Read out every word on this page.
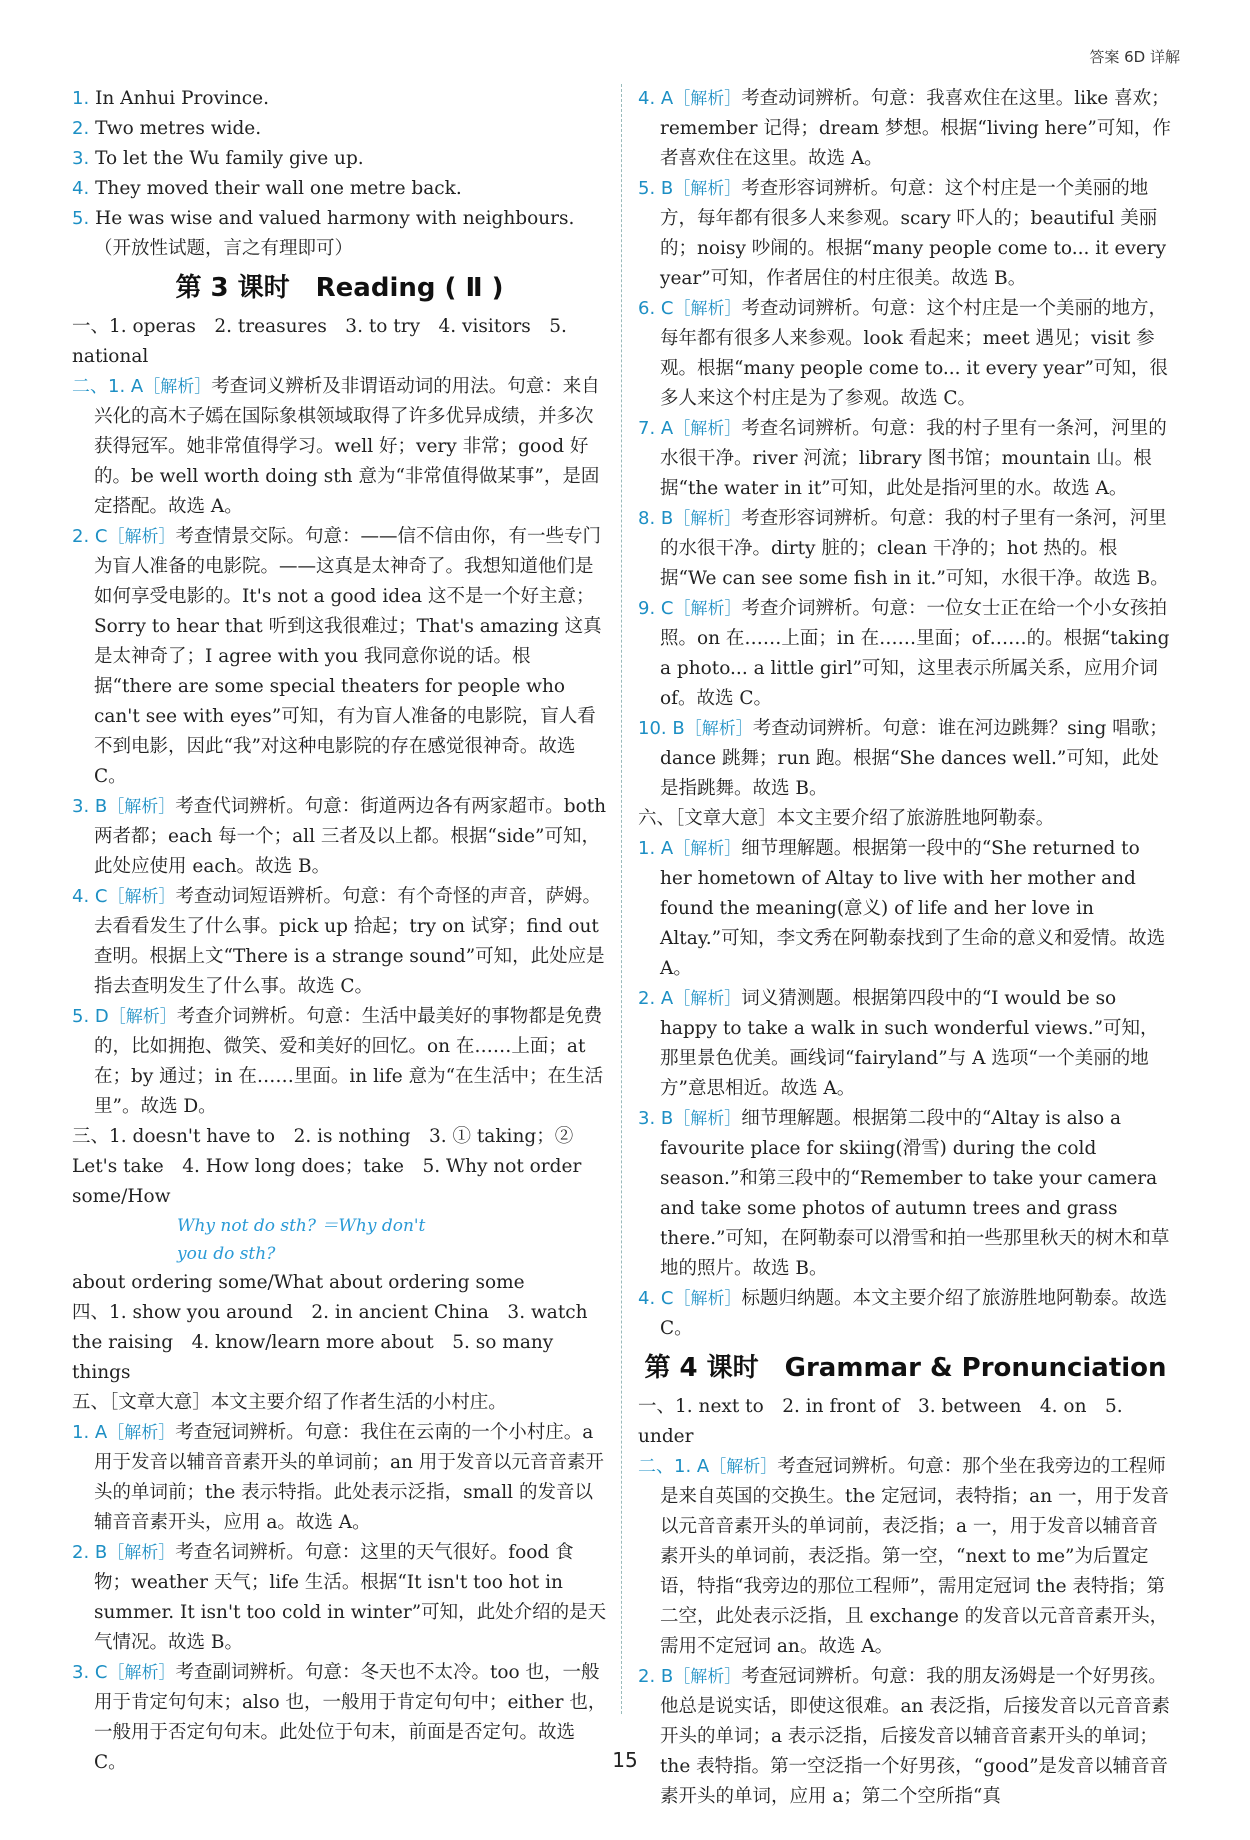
答案 6D 详解

1. In Anhui Province.

2. Two metres wide.

3. To let the Wu family give up.

4. They moved their wall one metre back.

5. He was wise and valued harmony with neighbours.（开放性试题，言之有理即可）

第 3 课时　Reading ( Ⅱ )

一、1. operas　2. treasures　3. to try　4. visitors　5. national

二、1. A［解析］考查词义辨析及非谓语动词的用法。句意：来自兴化的高木子嫣在国际象棋领域取得了许多优异成绩，并多次获得冠军。她非常值得学习。well 好；very 非常；good 好的。be well worth doing sth 意为“非常值得做某事”，是固定搭配。故选 A。

2. C［解析］考查情景交际。句意：——信不信由你，有一些专门为盲人准备的电影院。——这真是太神奇了。我想知道他们是如何享受电影的。It's not a good idea 这不是一个好主意；Sorry to hear that 听到这我很难过；That's amazing 这真是太神奇了；I agree with you 我同意你说的话。根据“there are some special theaters for people who can't see with eyes”可知，有为盲人准备的电影院，盲人看不到电影，因此“我”对这种电影院的存在感觉很神奇。故选 C。

3. B［解析］考查代词辨析。句意：街道两边各有两家超市。both 两者都；each 每一个；all 三者及以上都。根据“side”可知，此处应使用 each。故选 B。

4. C［解析］考查动词短语辨析。句意：有个奇怪的声音，萨姆。去看看发生了什么事。pick up 拾起；try on 试穿；find out 查明。根据上文“There is a strange sound”可知，此处应是指去查明发生了什么事。故选 C。

5. D［解析］考查介词辨析。句意：生活中最美好的事物都是免费的，比如拥抱、微笑、爱和美好的回忆。on 在……上面；at 在；by 通过；in 在……里面。in life 意为“在生活中；在生活里”。故选 D。

三、1. doesn't have to　2. is nothing　3. ① taking；② Let's take　4. How long does；take　5. Why not order some/How

Why not do sth? ＝Why don't
you do sth?

about ordering some/What about ordering some

四、1. show you around　2. in ancient China　3. watch the raising　4. know/learn more about　5. so many things

五、［文章大意］本文主要介绍了作者生活的小村庄。

1. A［解析］考查冠词辨析。句意：我住在云南的一个小村庄。a 用于发音以辅音音素开头的单词前；an 用于发音以元音音素开头的单词前；the 表示特指。此处表示泛指，small 的发音以辅音音素开头，应用 a。故选 A。

2. B［解析］考查名词辨析。句意：这里的天气很好。food 食物；weather 天气；life 生活。根据“It isn't too hot in summer. It isn't too cold in winter”可知，此处介绍的是天气情况。故选 B。

3. C［解析］考查副词辨析。句意：冬天也不太冷。too 也，一般用于肯定句句末；also 也，一般用于肯定句句中；either 也，一般用于否定句句末。此处位于句末，前面是否定句。故选 C。

4. A［解析］考查动词辨析。句意：我喜欢住在这里。like 喜欢；remember 记得；dream 梦想。根据“living here”可知，作者喜欢住在这里。故选 A。

5. B［解析］考查形容词辨析。句意：这个村庄是一个美丽的地方，每年都有很多人来参观。scary 吓人的；beautiful 美丽的；noisy 吵闹的。根据“many people come to... it every year”可知，作者居住的村庄很美。故选 B。

6. C［解析］考查动词辨析。句意：这个村庄是一个美丽的地方，每年都有很多人来参观。look 看起来；meet 遇见；visit 参观。根据“many people come to... it every year”可知，很多人来这个村庄是为了参观。故选 C。

7. A［解析］考查名词辨析。句意：我的村子里有一条河，河里的水很干净。river 河流；library 图书馆；mountain 山。根据“the water in it”可知，此处是指河里的水。故选 A。

8. B［解析］考查形容词辨析。句意：我的村子里有一条河，河里的水很干净。dirty 脏的；clean 干净的；hot 热的。根据“We can see some fish in it.”可知，水很干净。故选 B。

9. C［解析］考查介词辨析。句意：一位女士正在给一个小女孩拍照。on 在……上面；in 在……里面；of……的。根据“taking a photo... a little girl”可知，这里表示所属关系，应用介词 of。故选 C。

10. B［解析］考查动词辨析。句意：谁在河边跳舞？sing 唱歌；dance 跳舞；run 跑。根据“She dances well.”可知，此处是指跳舞。故选 B。

六、［文章大意］本文主要介绍了旅游胜地阿勒泰。

1. A［解析］细节理解题。根据第一段中的“She returned to her hometown of Altay to live with her mother and found the meaning(意义) of life and her love in Altay.”可知，李文秀在阿勒泰找到了生命的意义和爱情。故选 A。

2. A［解析］词义猜测题。根据第四段中的“I would be so happy to take a walk in such wonderful views.”可知，那里景色优美。画线词“fairyland”与 A 选项“一个美丽的地方”意思相近。故选 A。

3. B［解析］细节理解题。根据第二段中的“Altay is also a favourite place for skiing(滑雪) during the cold season.”和第三段中的“Remember to take your camera and take some photos of autumn trees and grass there.”可知，在阿勒泰可以滑雪和拍一些那里秋天的树木和草地的照片。故选 B。

4. C［解析］标题归纳题。本文主要介绍了旅游胜地阿勒泰。故选 C。

第 4 课时　Grammar & Pronunciation

一、1. next to　2. in front of　3. between　4. on　5. under

二、1. A［解析］考查冠词辨析。句意：那个坐在我旁边的工程师是来自英国的交换生。the 定冠词，表特指；an 一，用于发音以元音音素开头的单词前，表泛指；a 一，用于发音以辅音音素开头的单词前，表泛指。第一空，“next to me”为后置定语，特指“我旁边的那位工程师”，需用定冠词 the 表特指；第二空，此处表示泛指，且 exchange 的发音以元音音素开头，需用不定冠词 an。故选 A。

2. B［解析］考查冠词辨析。句意：我的朋友汤姆是一个好男孩。他总是说实话，即使这很难。an 表泛指，后接发音以元音音素开头的单词；a 表示泛指，后接发音以辅音音素开头的单词；the 表特指。第一空泛指一个好男孩，“good”是发音以辅音音素开头的单词，应用 a；第二个空所指“真

15
